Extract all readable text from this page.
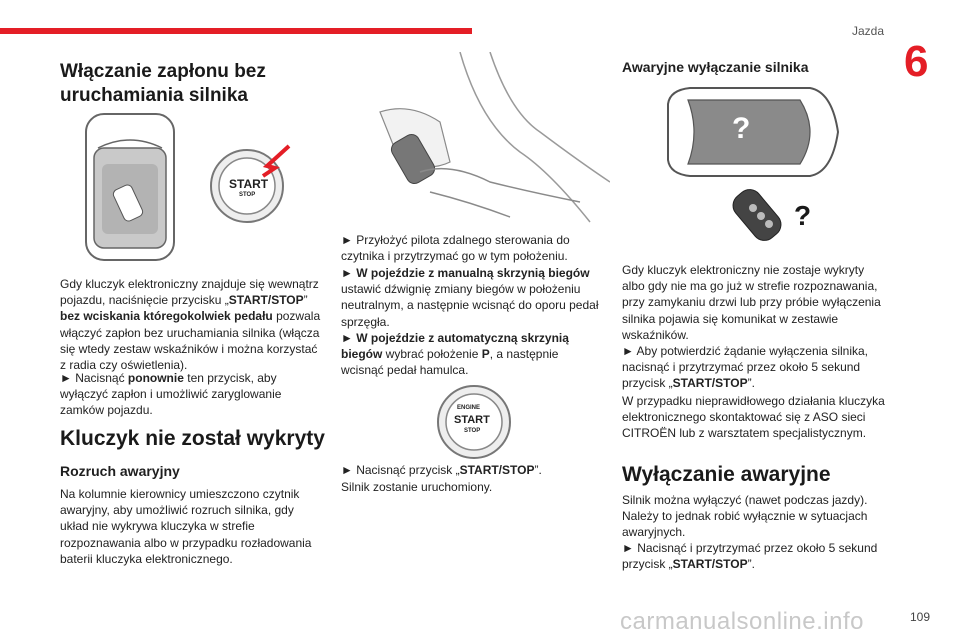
Jazda
6
Włączanie zapłonu bez uruchamiania silnika
START
STOP
Gdy kluczyk elektroniczny znajduje się wewnątrz pojazdu, naciśnięcie przycisku „START/STOP” bez wciskania któregokolwiek pedału pozwala włączyć zapłon bez uruchamiania silnika (włącza się wtedy zestaw wskaźników i można korzystać z radia czy oświetlenia).
► Nacisnąć ponownie ten przycisk, aby wyłączyć zapłon i umożliwić zaryglowanie zamków pojazdu.
Kluczyk nie został wykryty
Rozruch awaryjny
Na kolumnie kierownicy umieszczono czytnik awaryjny, aby umożliwić rozruch silnika, gdy układ nie wykrywa kluczyka w strefie rozpoznawania albo w przypadku rozładowania baterii kluczyka elektronicznego.
► Przyłożyć pilota zdalnego sterowania do czytnika i przytrzymać go w tym położeniu.
► W pojeździe z manualną skrzynią biegów ustawić dźwignię zmiany biegów w położeniu neutralnym, a następnie wcisnąć do oporu pedał sprzęgła.
► W pojeździe z automatyczną skrzynią biegów wybrać położenie P, a następnie wcisnąć pedał hamulca.
ENGINE
START
STOP
► Nacisnąć przycisk „START/STOP”.
Silnik zostanie uruchomiony.
Awaryjne wyłączanie silnika
?
?
Gdy kluczyk elektroniczny nie zostaje wykryty albo gdy nie ma go już w strefie rozpoznawania, przy zamykaniu drzwi lub przy próbie wyłączenia silnika pojawia się komunikat w zestawie wskaźników.
► Aby potwierdzić żądanie wyłączenia silnika, nacisnąć i przytrzymać przez około 5 sekund przycisk „START/STOP”.
W przypadku nieprawidłowego działania kluczyka elektronicznego skontaktować się z ASO sieci CITROËN lub z warsztatem specjalistycznym.
Wyłączanie awaryjne
Silnik można wyłączyć (nawet podczas jazdy). Należy to jednak robić wyłącznie w sytuacjach awaryjnych.
► Nacisnąć i przytrzymać przez około 5 sekund przycisk „START/STOP”.
carmanualsonline.info	109
